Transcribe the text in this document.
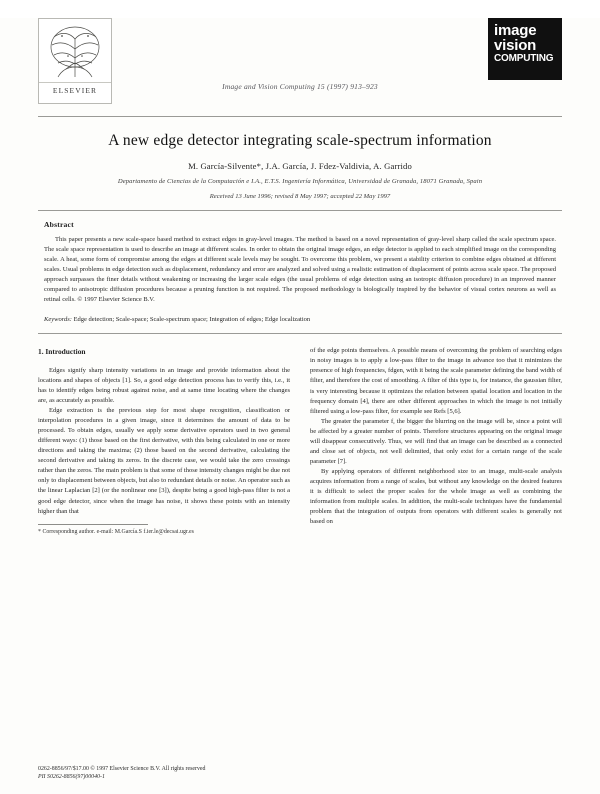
ELSEVIER
image
vision
COMPUTING
Image and Vision Computing 15 (1997) 913–923
A new edge detector integrating scale-spectrum information
M. García-Silvente*, J.A. García, J. Fdez-Valdivia, A. Garrido
Departamento de Ciencias de la Computación e I.A., E.T.S. Ingeniería Informática, Universidad de Granada, 18071 Granada, Spain
Received 13 June 1996; revised 8 May 1997; accepted 22 May 1997
Abstract
This paper presents a new scale-space based method to extract edges in gray-level images. The method is based on a novel representation of gray-level sharp called the scale spectrum space. The scale space representation is used to describe an image at different scales. In order to obtain the original image edges, an edge detector is applied to each simplified image on the corresponding scale. A heat, some form of compromise among the edges at different scale levels may be sought. To overcome this problem, we present a stability criterion to combine edges obtained at different scales. Usual problems in edge detection such as displacement, redundancy and error are analyzed and solved using a realistic estimation of displacement of points across scale space. The proposed approach surpasses the finer details without weakening or increasing the larger scale edges (the usual problems of edge detection using an isotropic diffusion procedure) in an improved manner compared to anisotropic diffusion procedures because a pruning function is not required. The proposed methodology is biologically inspired by the behavior of visual cortex neurons as well as retinal cells. © 1997 Elsevier Science B.V.
Keywords: Edge detection; Scale-space; Scale-spectrum space; Integration of edges; Edge localization
1. Introduction

Edges signify sharp intensity variations in an image and provide information about the locations and shapes of objects [1]. So, a good edge detection process has to verify this, i.e., it has to identify edges being robust against noise, and at same time locating where the changes are, as accurately as possible.

Edge extraction is the previous step for most shape recognition, classification or interpolation procedures in a given image, since it determines the amount of data to be processed. To obtain edges, usually we apply some derivative operators used in two general different ways: (1) those based on the first derivative, with this being calculated in one or more directions and taking the maxima; (2) those based on the second derivative, calculating the second derivative and taking its zeros. In the discrete case, we would take the zero crossings rather than the zeros. The main problem is that some of those intensity changes might be due not only to displacement between objects, but also to redundant details or noise. An operator such as the linear Laplacian [2] (or the nonlinear one [3]), despite being a good high-pass filter is not a good edge detector, since when the image has noise, it shows these points with an intensity higher than that

* Corresponding author. e-mail: M.García.S f.ier.le@decsai.ugr.es

of the edge points themselves. A possible means of overcoming the problem of searching edges in noisy images is to apply a low-pass filter to the image in advance too that it minimizes the presence of high frequencies, fdgen, with it being the scale parameter defining the band width of filter, and therefore the cost of smoothing. A filter of this type is, for instance, the gaussian filter, is very interesting because it optimizes the relation between spatial location and location in the frequency domain [4], there are other different approaches in which the image is not initially filtered using a low-pass filter, for example see Refs [5,6].

The greater the parameter f, the bigger the blurring on the image will be, since a point will be affected by a greater number of points. Therefore structures appearing on the original image will disappear consecutively. Thus, we will find that an image can be described as a connected and close set of objects, not well delimited, that only exist for a certain range of the scale parameter [7].

By applying operators of different neighborhood size to an image, multi-scale analysis acquires information from a range of scales, but without any knowledge on the desired features it is difficult to select the proper scales for the whole image as well as combining the information from multiple scales. In addition, the multi-scale techniques have the fundamental problem that the integration of outputs from operators with different scales is generally not based on

0262-8856/97/$17.00 © 1997 Elsevier Science B.V. All rights reserved
PII S0262-8856(97)00040-1
